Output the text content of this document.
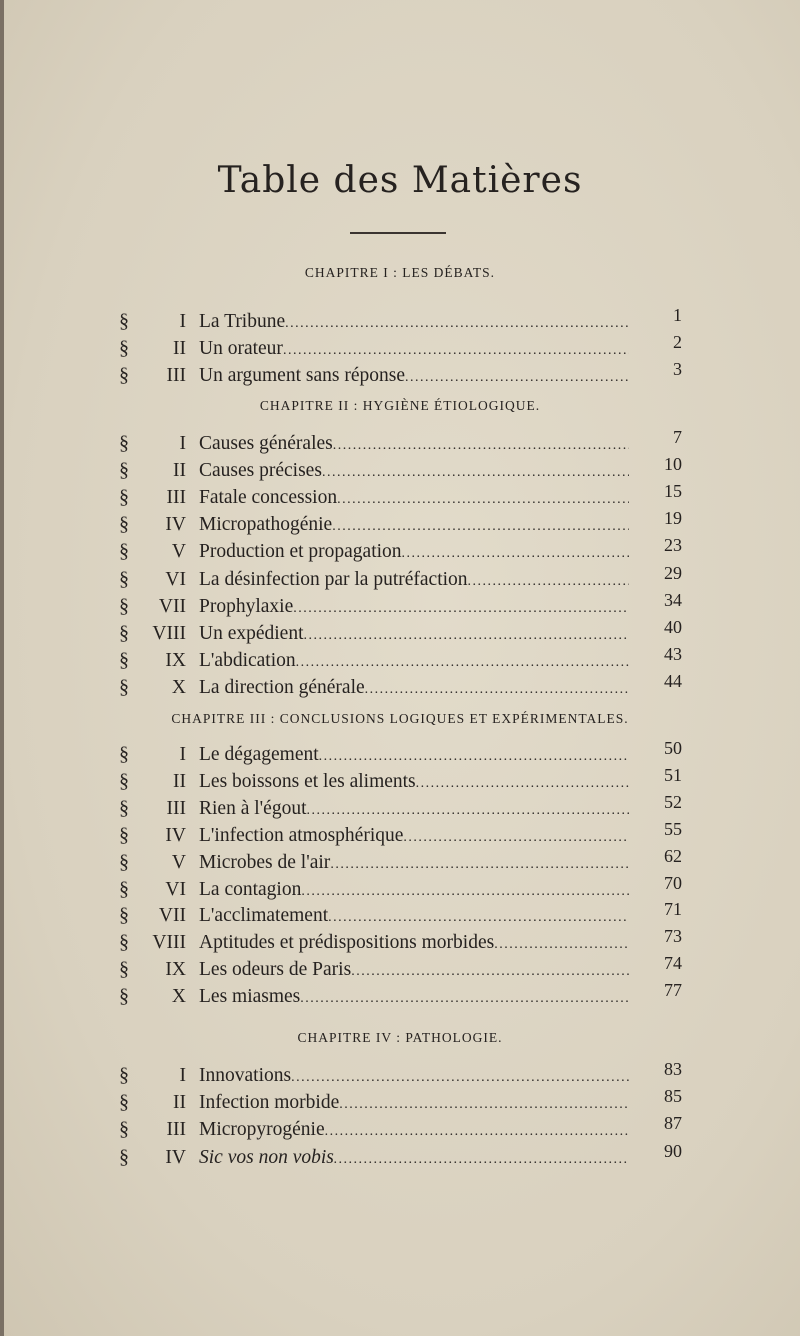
Table des Matières
CHAPITRE I : LES DÉBATS.
§	I La Tribune . . .	1
§	II Un orateur . . .	2
§	III Un argument sans réponse . . .	3
CHAPITRE II : HYGIÈNE ÉTIOLOGIQUE.
§	I Causes générales . . .	7
§	II Causes précises . . .	10
§	III Fatale concession . . .	15
§	IV Micropathogénie . . .	19
§	V Production et propagation . . .	23
§	VI La désinfection par la putréfaction . . .	29
§	VII Prophylaxie . . .	34
§	VIII Un expédient . . .	40
§	IX L'abdication . . .	43
§	X La direction générale . . .	44
CHAPITRE III : CONCLUSIONS LOGIQUES ET EXPÉRIMENTALES.
§	I Le dégagement . . .	50
§	II Les boissons et les aliments . . .	51
§	III Rien à l'égout . . .	52
§	IV L'infection atmosphérique . . .	55
§	V Microbes de l'air . . .	62
§	VI La contagion . . .	70
§	VII L'acclimatement . . .	71
§	VIII Aptitudes et prédispositions morbides . . .	73
§	IX Les odeurs de Paris . . .	74
§	X Les miasmes . . .	77
CHAPITRE IV : PATHOLOGIE.
§	I Innovations . . .	83
§	II Infection morbide . . .	85
§	III Micropyrogénie . . .	87
§	IV Sic vos non vobis . . .	90
